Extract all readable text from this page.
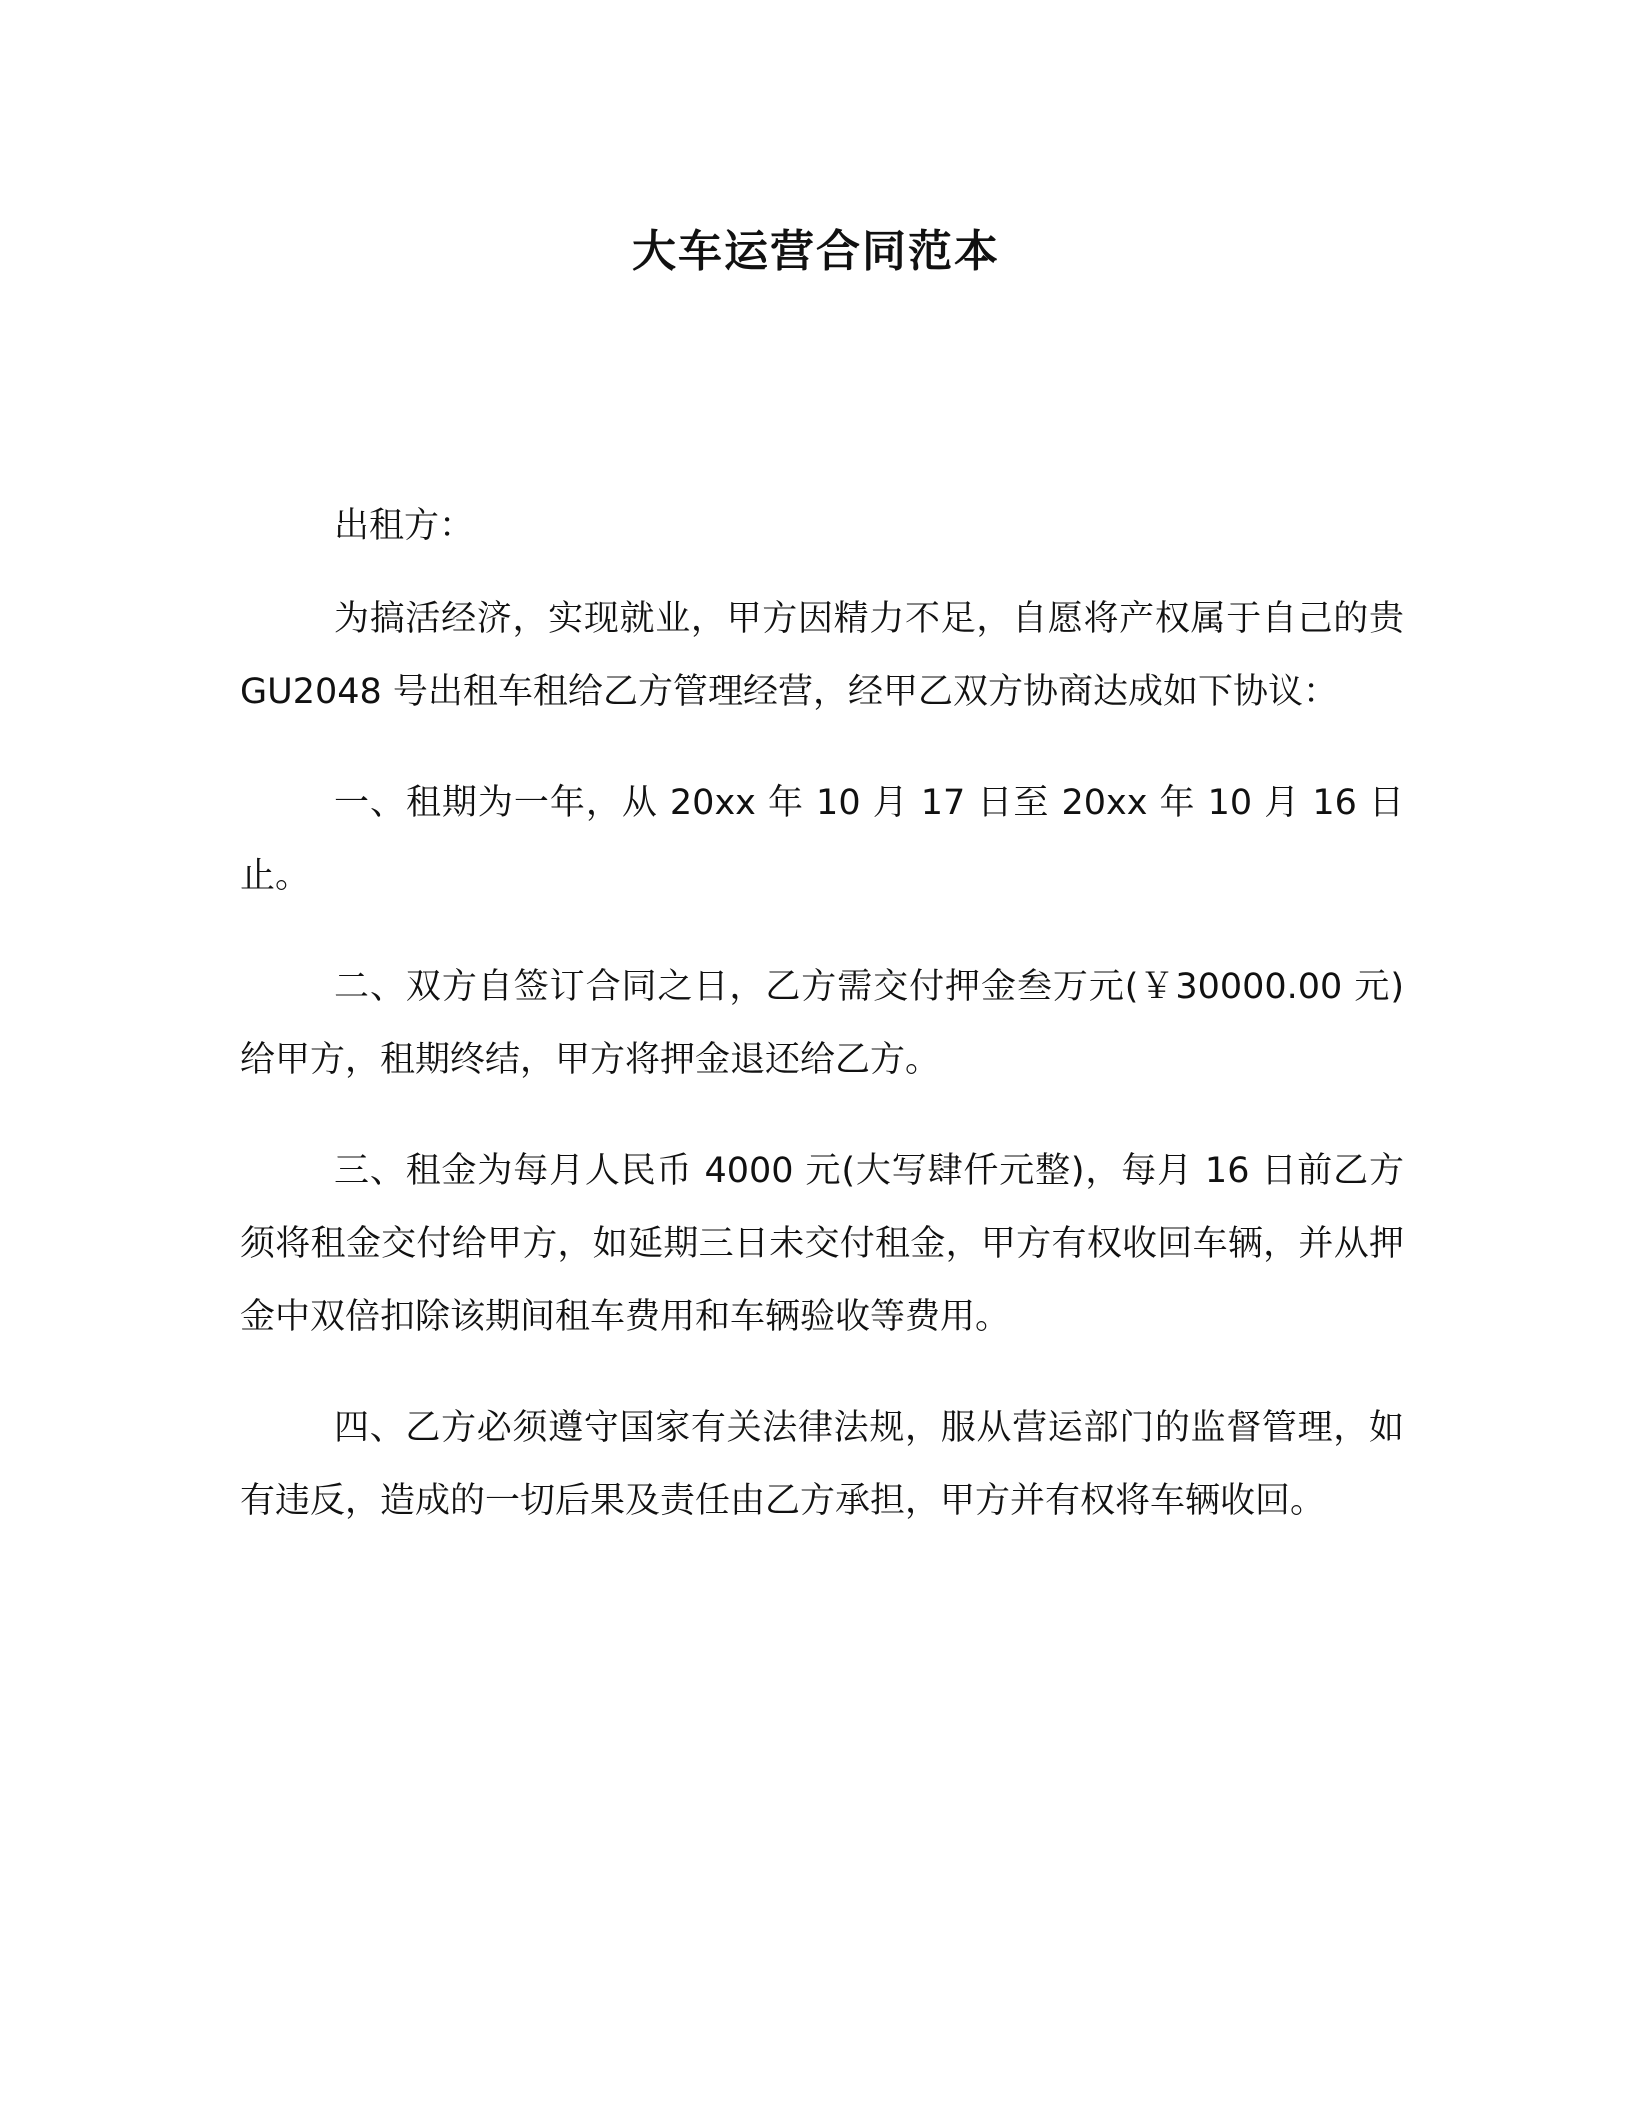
大车运营合同范本

出租方：

为搞活经济，实现就业，甲方因精力不足，自愿将产权属于自己的贵 GU2048 号出租车租给乙方管理经营，经甲乙双方协商达成如下协议：

一、租期为一年，从 20xx 年 10 月 17 日至 20xx 年 10 月 16 日止。

二、双方自签订合同之日，乙方需交付押金叁万元(￥30000.00 元)给甲方，租期终结，甲方将押金退还给乙方。

三、租金为每月人民币 4000 元(大写肆仟元整)，每月 16 日前乙方须将租金交付给甲方，如延期三日未交付租金，甲方有权收回车辆，并从押金中双倍扣除该期间租车费用和车辆验收等费用。

四、乙方必须遵守国家有关法律法规，服从营运部门的监督管理，如有违反，造成的一切后果及责任由乙方承担，甲方并有权将车辆收回。
